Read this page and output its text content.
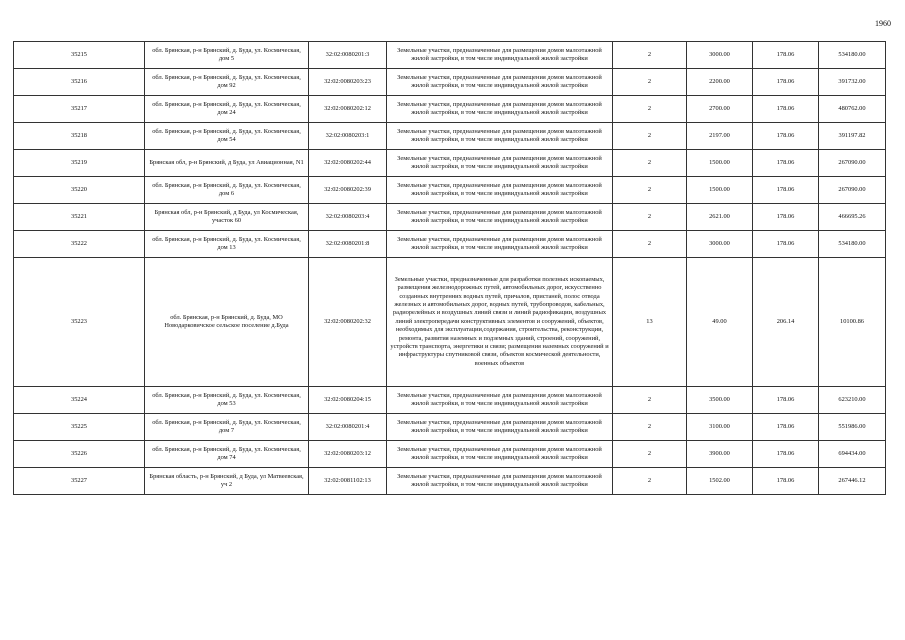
1960
35215	обл. Брянская, р-н Брянский, д. Буда, ул. Космическая, дом 5	32:02:0080201:3	Земельные участки, предназначенные для размещения домов малоэтажной жилой застройки, в том числе индивидуальной жилой застройки	2	3000.00	178.06	534180.00
35216	обл. Брянская, р-н Брянский, д. Буда, ул. Космическая, дом 92	32:02:0080203:23	Земельные участки, предназначенные для размещения домов малоэтажной жилой застройки, в том числе индивидуальной жилой застройки	2	2200.00	178.06	391732.00
35217	обл. Брянская, р-н Брянский, д. Буда, ул. Космическая, дом 24	32:02:0080202:12	Земельные участки, предназначенные для размещения домов малоэтажной жилой застройки, в том числе индивидуальной жилой застройки	2	2700.00	178.06	480762.00
35218	обл. Брянская, р-н Брянский, д. Буда, ул. Космическая, дом 54	32:02:0080203:1	Земельные участки, предназначенные для размещения домов малоэтажной жилой застройки, в том числе индивидуальной жилой застройки	2	2197.00	178.06	391197.82
35219	Брянская обл, р-н Брянский, д Буда, ул Авиационная, N1	32:02:0080202:44	Земельные участки, предназначенные для размещения домов малоэтажной жилой застройки, в том числе индивидуальной жилой застройки	2	1500.00	178.06	267090.00
35220	обл. Брянская, р-н Брянский, д. Буда, ул. Космическая, дом 6	32:02:0080202:39	Земельные участки, предназначенные для размещения домов малоэтажной жилой застройки, в том числе индивидуальной жилой застройки	2	1500.00	178.06	267090.00
35221	Брянская обл, р-н Брянский, д Буда, ул Космическая, участок 60	32:02:0080203:4	Земельные участки, предназначенные для размещения домов малоэтажной жилой застройки, в том числе индивидуальной жилой застройки	2	2621.00	178.06	466695.26
35222	обл. Брянская, р-н Брянский, д. Буда, ул. Космическая, дом 13	32:02:0080201:8	Земельные участки, предназначенные для размещения домов малоэтажной жилой застройки, в том числе индивидуальной жилой застройки	2	3000.00	178.06	534180.00
35223	обл. Брянская, р-н Брянский, д. Буда, МО Новодарковичское сельское поселение д.Буда	32:02:0080202:32	Земельные участки, предназначенные для разработки полезных ископаемых, размещения железнодорожных путей, автомобильных дорог, искусственно созданных внутренних водных путей, причалов, пристаней, полос отвода железных и автомобильных дорог, водных путей, трубопроводов, кабельных, радиорелейных и воздушных линий связи и линий радиофикации, воздушных линий электропередачи конструктивных элементов и сооружений, объектов, необходимых для эксплуатации,содержания, строительства, реконструкции, ремонта, развития наземных и подземных зданий, строений, сооружений, устройств транспорта, энергетики и связи; размещения наземных сооружений и инфраструктуры спутниковой связи, объектов космической деятельности, военных объектов	13	49.00	206.14	10100.86
35224	обл. Брянская, р-н Брянский, д. Буда, ул. Космическая, дом 53	32:02:0080204:15	Земельные участки, предназначенные для размещения домов малоэтажной жилой застройки, в том числе индивидуальной жилой застройки	2	3500.00	178.06	623210.00
35225	обл. Брянская, р-н Брянский, д. Буда, ул. Космическая, дом 7	32:02:0080201:4	Земельные участки, предназначенные для размещения домов малоэтажной жилой застройки, в том числе индивидуальной жилой застройки	2	3100.00	178.06	551986.00
35226	обл. Брянская, р-н Брянский, д. Буда, ул. Космическая, дом 74	32:02:0080203:12	Земельные участки, предназначенные для размещения домов малоэтажной жилой застройки, в том числе индивидуальной жилой застройки	2	3900.00	178.06	694434.00
35227	Брянская область, р-н Брянский, д Буда, ул Матвеевская, уч 2	32:02:0081102:13	Земельные участки, предназначенные для размещения домов малоэтажной жилой застройки, в том числе индивидуальной жилой застройки	2	1502.00	178.06	267446.12
